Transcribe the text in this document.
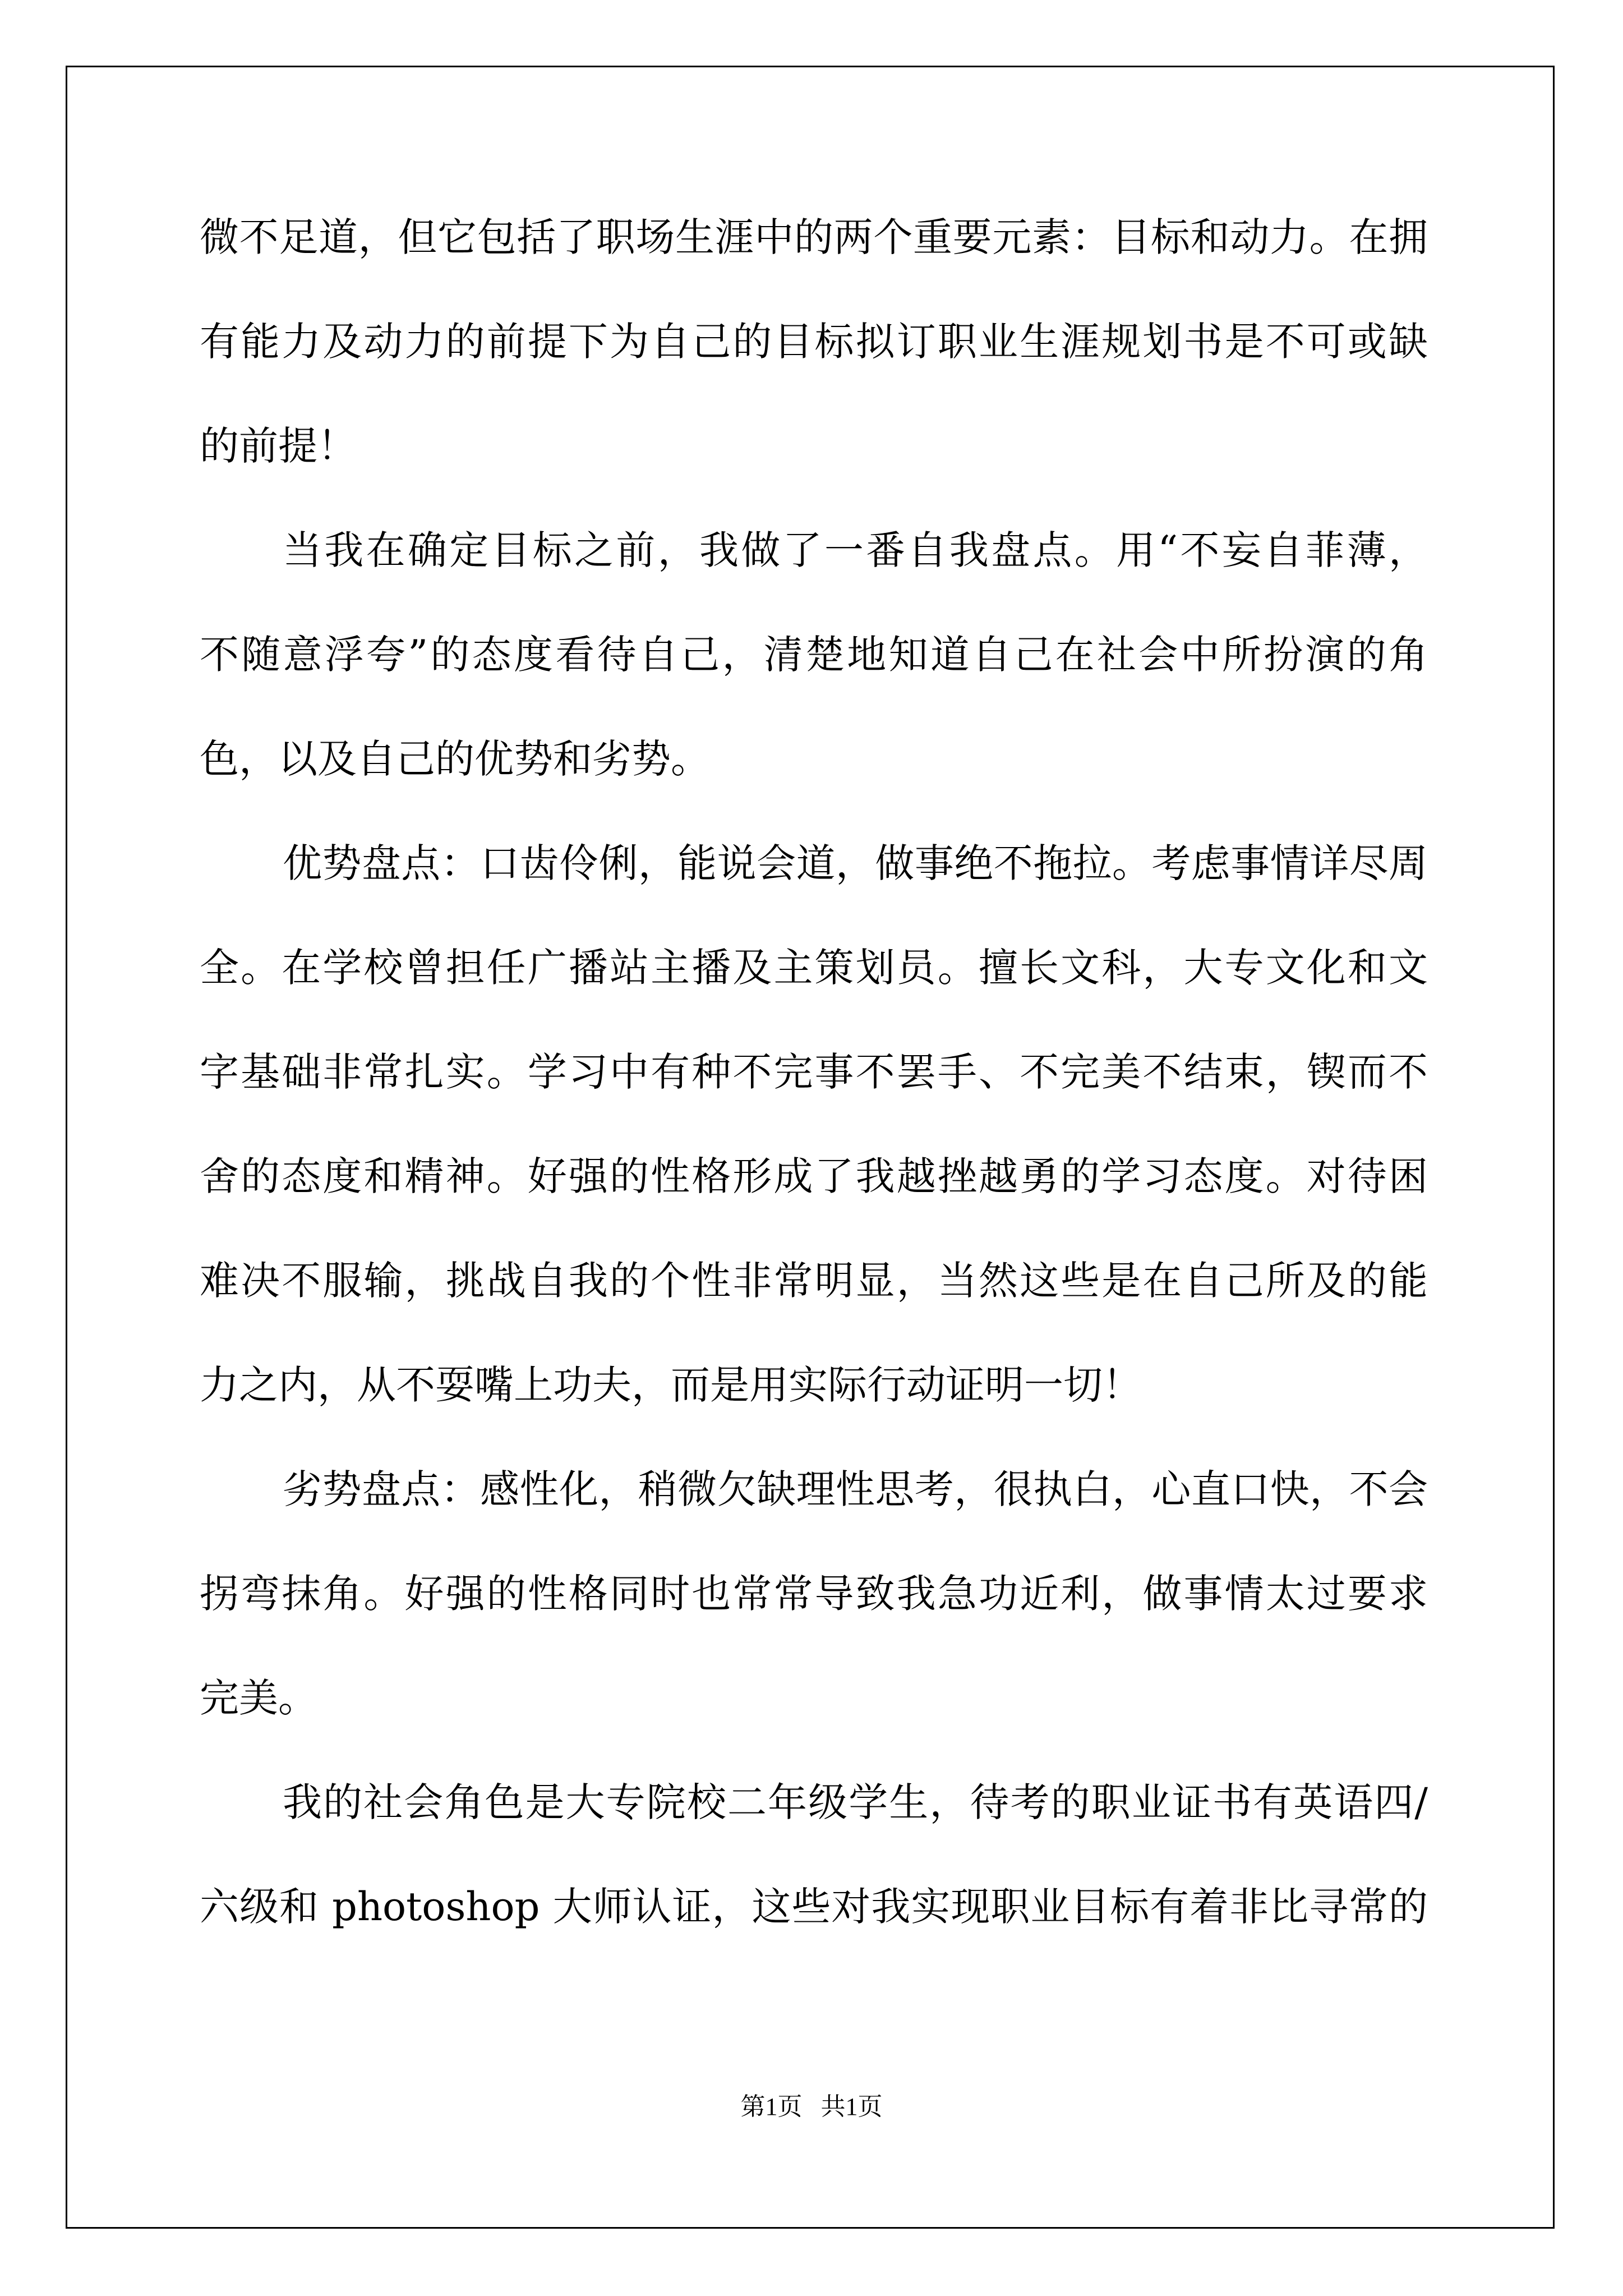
微不足道，但它包括了职场生涯中的两个重要元素：目标和动力。在拥
有能力及动力的前提下为自己的目标拟订职业生涯规划书是不可或缺
的前提！
当我在确定目标之前，我做了一番自我盘点。用“不妄自菲薄，
不随意浮夸”的态度看待自己，清楚地知道自己在社会中所扮演的角
色，以及自己的优势和劣势。
优势盘点：口齿伶俐，能说会道，做事绝不拖拉。考虑事情详尽周
全。在学校曾担任广播站主播及主策划员。擅长文科，大专文化和文
字基础非常扎实。学习中有种不完事不罢手、不完美不结束，锲而不
舍的态度和精神。好强的性格形成了我越挫越勇的学习态度。对待困
难决不服输，挑战自我的个性非常明显，当然这些是在自己所及的能
力之内，从不耍嘴上功夫，而是用实际行动证明一切！
劣势盘点：感性化，稍微欠缺理性思考，很执白，心直口快，不会
拐弯抹角。好强的性格同时也常常导致我急功近利，做事情太过要求
完美。
我的社会角色是大专院校二年级学生，待考的职业证书有英语四/
六级和 photoshop 大师认证，这些对我实现职业目标有着非比寻常的
第1页   共1页
